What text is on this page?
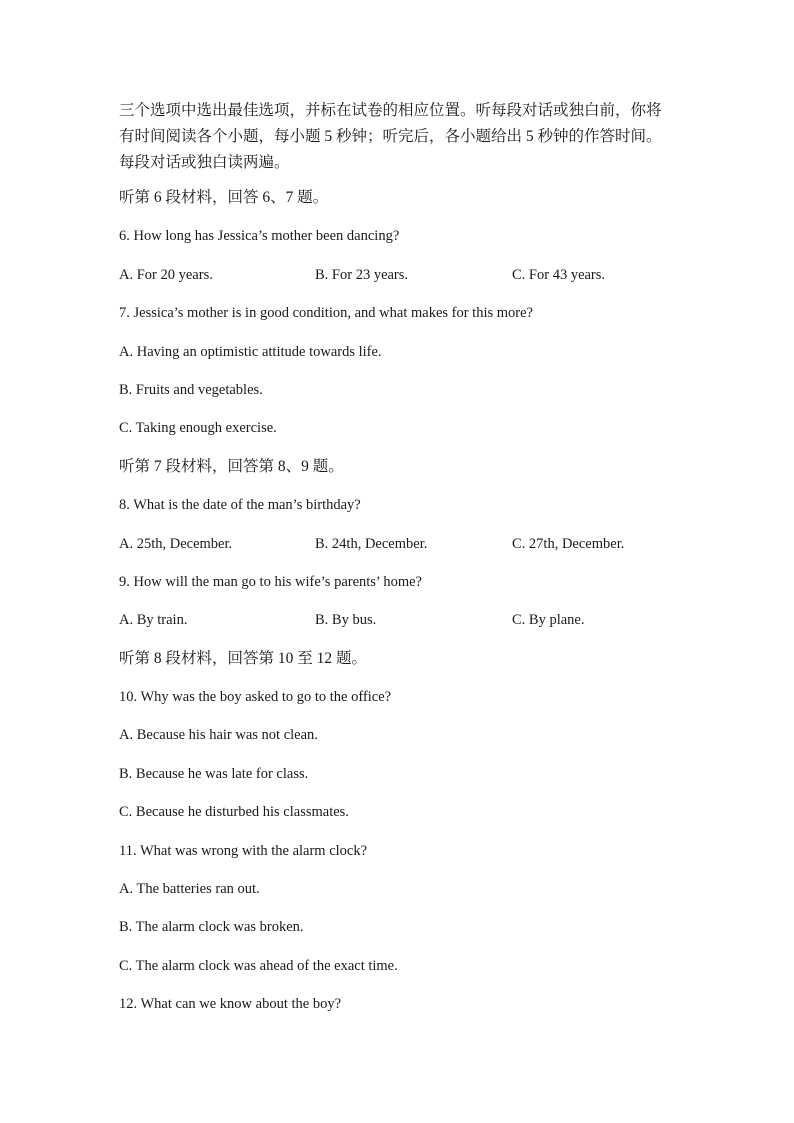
三个选项中选出最佳选项，并标在试卷的相应位置。听每段对话或独白前，你将
有时间阅读各个小题，每小题 5 秒钟；听完后，各小题给出 5 秒钟的作答时间。
每段对话或独白读两遍。
听第 6 段材料，回答 6、7 题。
6. How long has Jessica’s mother been dancing?
A. For 20 years.	B. For 23 years.	C. For 43 years.
7. Jessica’s mother is in good condition, and what makes for this more?
A. Having an optimistic attitude towards life.
B. Fruits and vegetables.
C. Taking enough exercise.
听第 7 段材料，回答第 8、9 题。
8. What is the date of the man’s birthday?
A. 25th, December.	B. 24th, December.	C. 27th, December.
9. How will the man go to his wife’s parents’ home?
A. By train.	B. By bus.	C. By plane.
听第 8 段材料，回答第 10 至 12 题。
10. Why was the boy asked to go to the office?
A. Because his hair was not clean.
B. Because he was late for class.
C. Because he disturbed his classmates.
11. What was wrong with the alarm clock?
A. The batteries ran out.
B. The alarm clock was broken.
C. The alarm clock was ahead of the exact time.
12. What can we know about the boy?
